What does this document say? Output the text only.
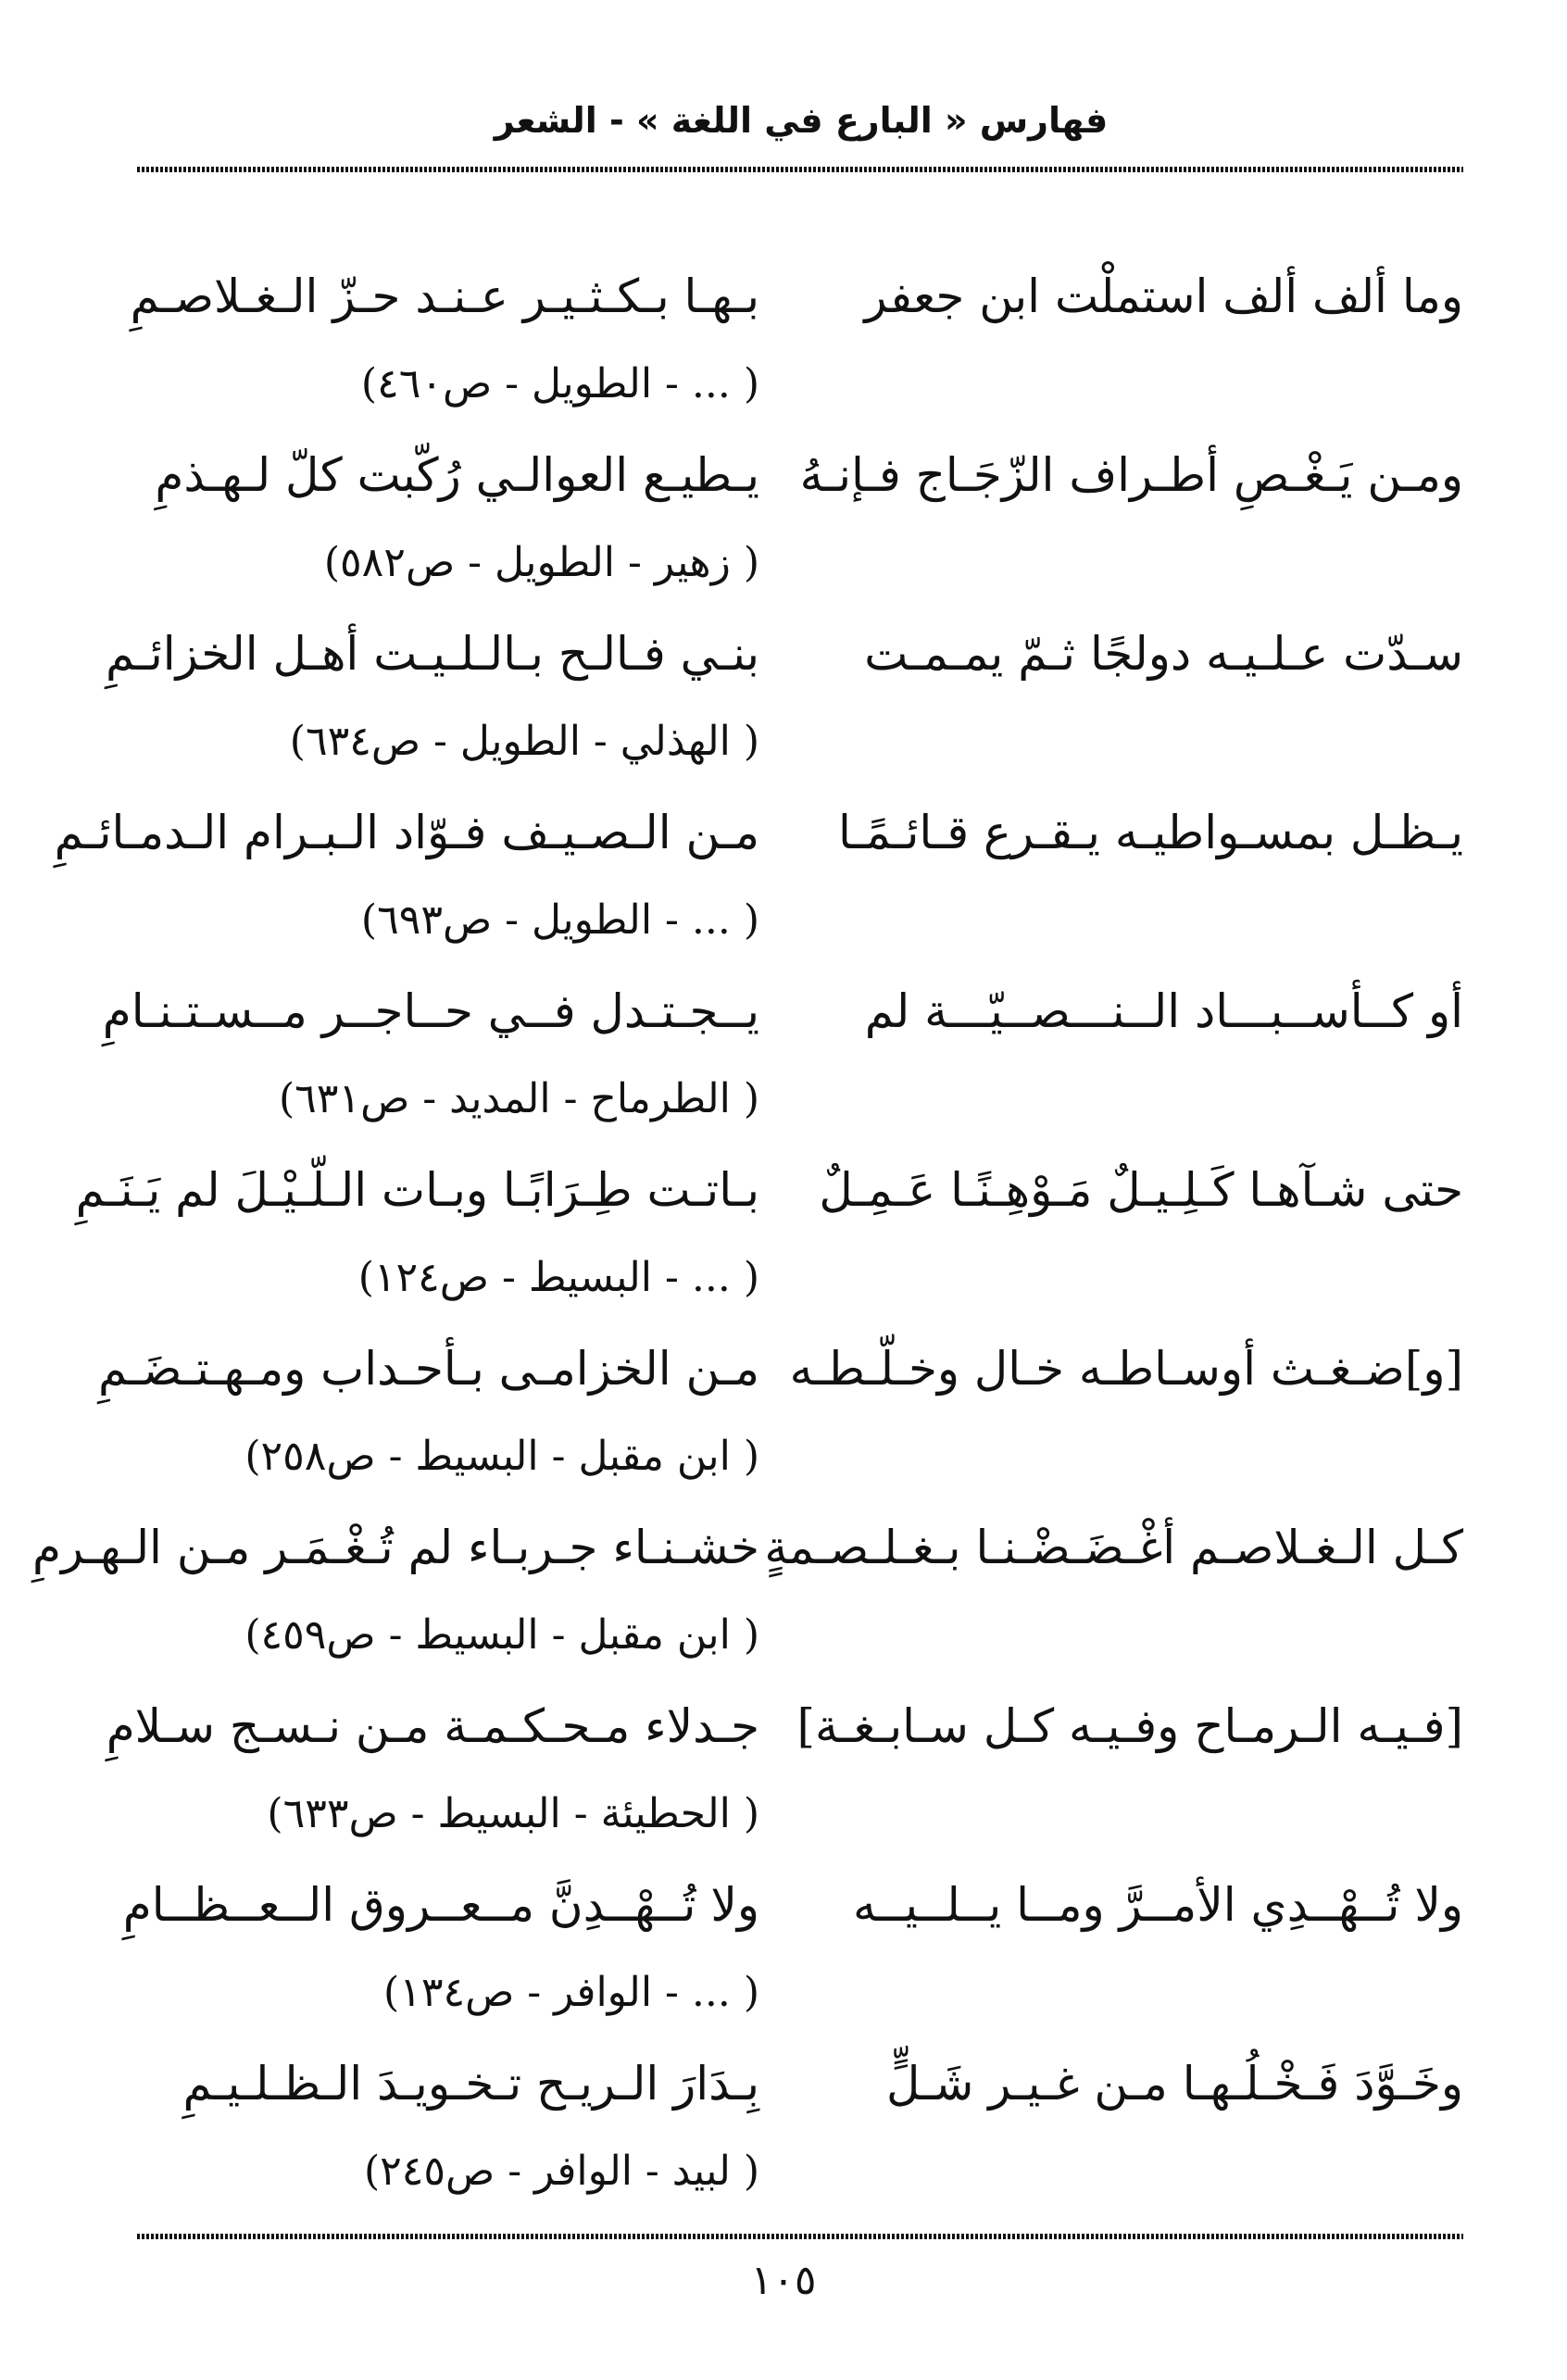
فهارس « البارع في اللغة » - الشعر
وما ألف ألف استملْت ابن جعفر
بـهـا بـكـثـيـر عـنـد حـزّ الـغـلاصـمِ
( ... - الطويل - ص٤٦٠)
ومـن يَـغْـصِ أطـراف الزّجَـاج فـإنـهُ
يـطيـع العوالـي رُكّبت كلّ لـهـذمِ
( زهير - الطويل - ص٥٨٢)
سـدّت عـلـيـه دولجًا ثـمّ يمـمـت
بنـي فـالـح بـالـلـيـت أهـل الخزائـمِ
( الهذلي - الطويل - ص٦٣٤)
يـظـل بمسـواطيـه يـقـرع قـائـمًـا
مـن الـصـيـف فـوّاد الـبـرام الـدمـائـمِ
( ... - الطويل - ص٦٩٣)
أو كــأســبـــاد الــنـــصــيّـــة لم
يــجـتـدل فــي حــاجــر مــسـتـنـامِ
( الطرماح - المديد - ص٦٣١)
حتى شـآهـا كَـلِـيـلٌ مَـوْهِـنًـا عَـمِـلٌ
بـاتـت طِـرَابًـا وبـات الـلّـيْـلَ لم يَـنَـمِ
( ... - البسيط - ص١٢٤)
[و]ضـغـث أوسـاطـه خـال وخـلّـطـه
مـن الخزامـى بـأحـداب ومـهـتـضَـمِ
( ابن مقبل - البسيط - ص٢٥٨)
كـل الـغـلاصـم أغْـضَـضْـنـا بـغـلـصـمةٍ
خشـنـاء جـربـاء لم تُـغْـمَـر مـن الـهـرمِ
( ابن مقبل - البسيط - ص٤٥٩)
[فـيـه الـرمـاح وفـيـه كـل سـابـغـة]
جـدلاء مـحـكـمـة مـن نـسـج سـلامِ
( الحطيئة - البسيط - ص٦٣٣)
ولا تُــهْــدِي الأمــرَّ ومــا يــلــيــه
ولا تُــهْــدِنَّ مــعــروق الــعــظــامِ
( ... - الوافر - ص١٣٤)
وخَـوَّدَ فَـخْـلُـهـا مـن غـيـر شَـلٍّ
بِـدَارَ الـريـح تـخـويـدَ الـظـلـيـمِ
( لبيد - الوافر - ص٢٤٥)
١٠٥
